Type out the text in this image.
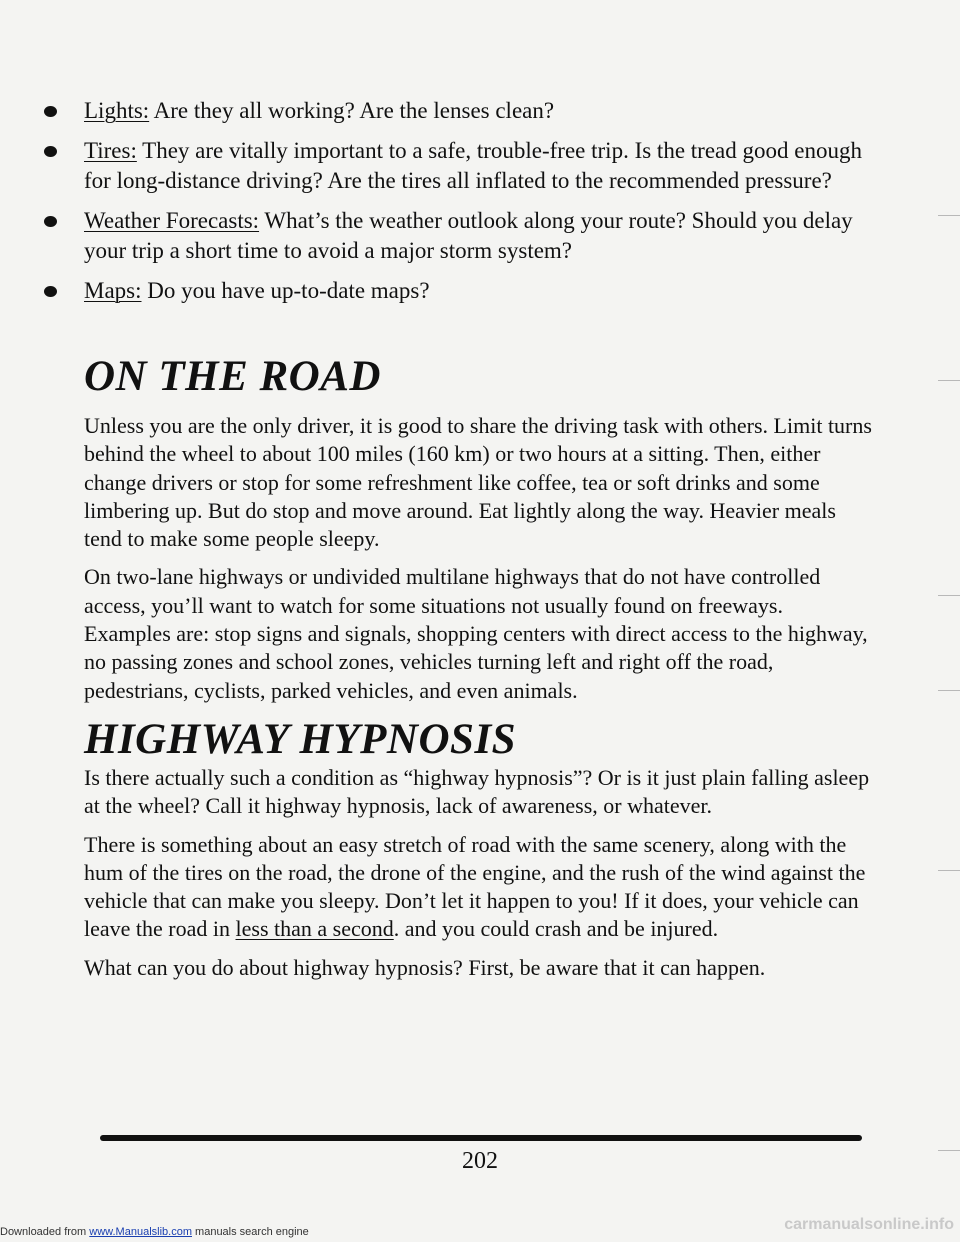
Lights: Are they all working? Are the lenses clean?
Tires: They are vitally important to a safe, trouble-free trip. Is the tread good enough for long-distance driving? Are the tires all inflated to the recommended pressure?
Weather Forecasts: What’s the weather outlook along your route? Should you delay your trip a short time to avoid a major storm system?
Maps: Do you have up-to-date maps?
ON THE ROAD

Unless you are the only driver, it is good to share the driving task with others. Limit turns behind the wheel to about 100 miles (160 km) or two hours at a sitting. Then, either change drivers or stop for some refreshment like coffee, tea or soft drinks and some limbering up. But do stop and move around. Eat lightly along the way. Heavier meals tend to make some people sleepy.

On two-lane highways or undivided multilane highways that do not have controlled access, you’ll want to watch for some situations not usually found on freeways. Examples are: stop signs and signals, shopping centers with direct access to the highway, no passing zones and school zones, vehicles turning left and right off the road, pedestrians, cyclists, parked vehicles, and even animals.

HIGHWAY HYPNOSIS

Is there actually such a condition as “highway hypnosis”? Or is it just plain falling asleep at the wheel? Call it highway hypnosis, lack of awareness, or whatever.

There is something about an easy stretch of road with the same scenery, along with the hum of the tires on the road, the drone of the engine, and the rush of the wind against the vehicle that can make you sleepy. Don’t let it happen to you! If it does, your vehicle can leave the road in less than a second. and you could crash and be injured.

What can you do about highway hypnosis? First, be aware that it can happen.

202
Downloaded from www.Manualslib.com manuals search engine	carmanualsonline.info
